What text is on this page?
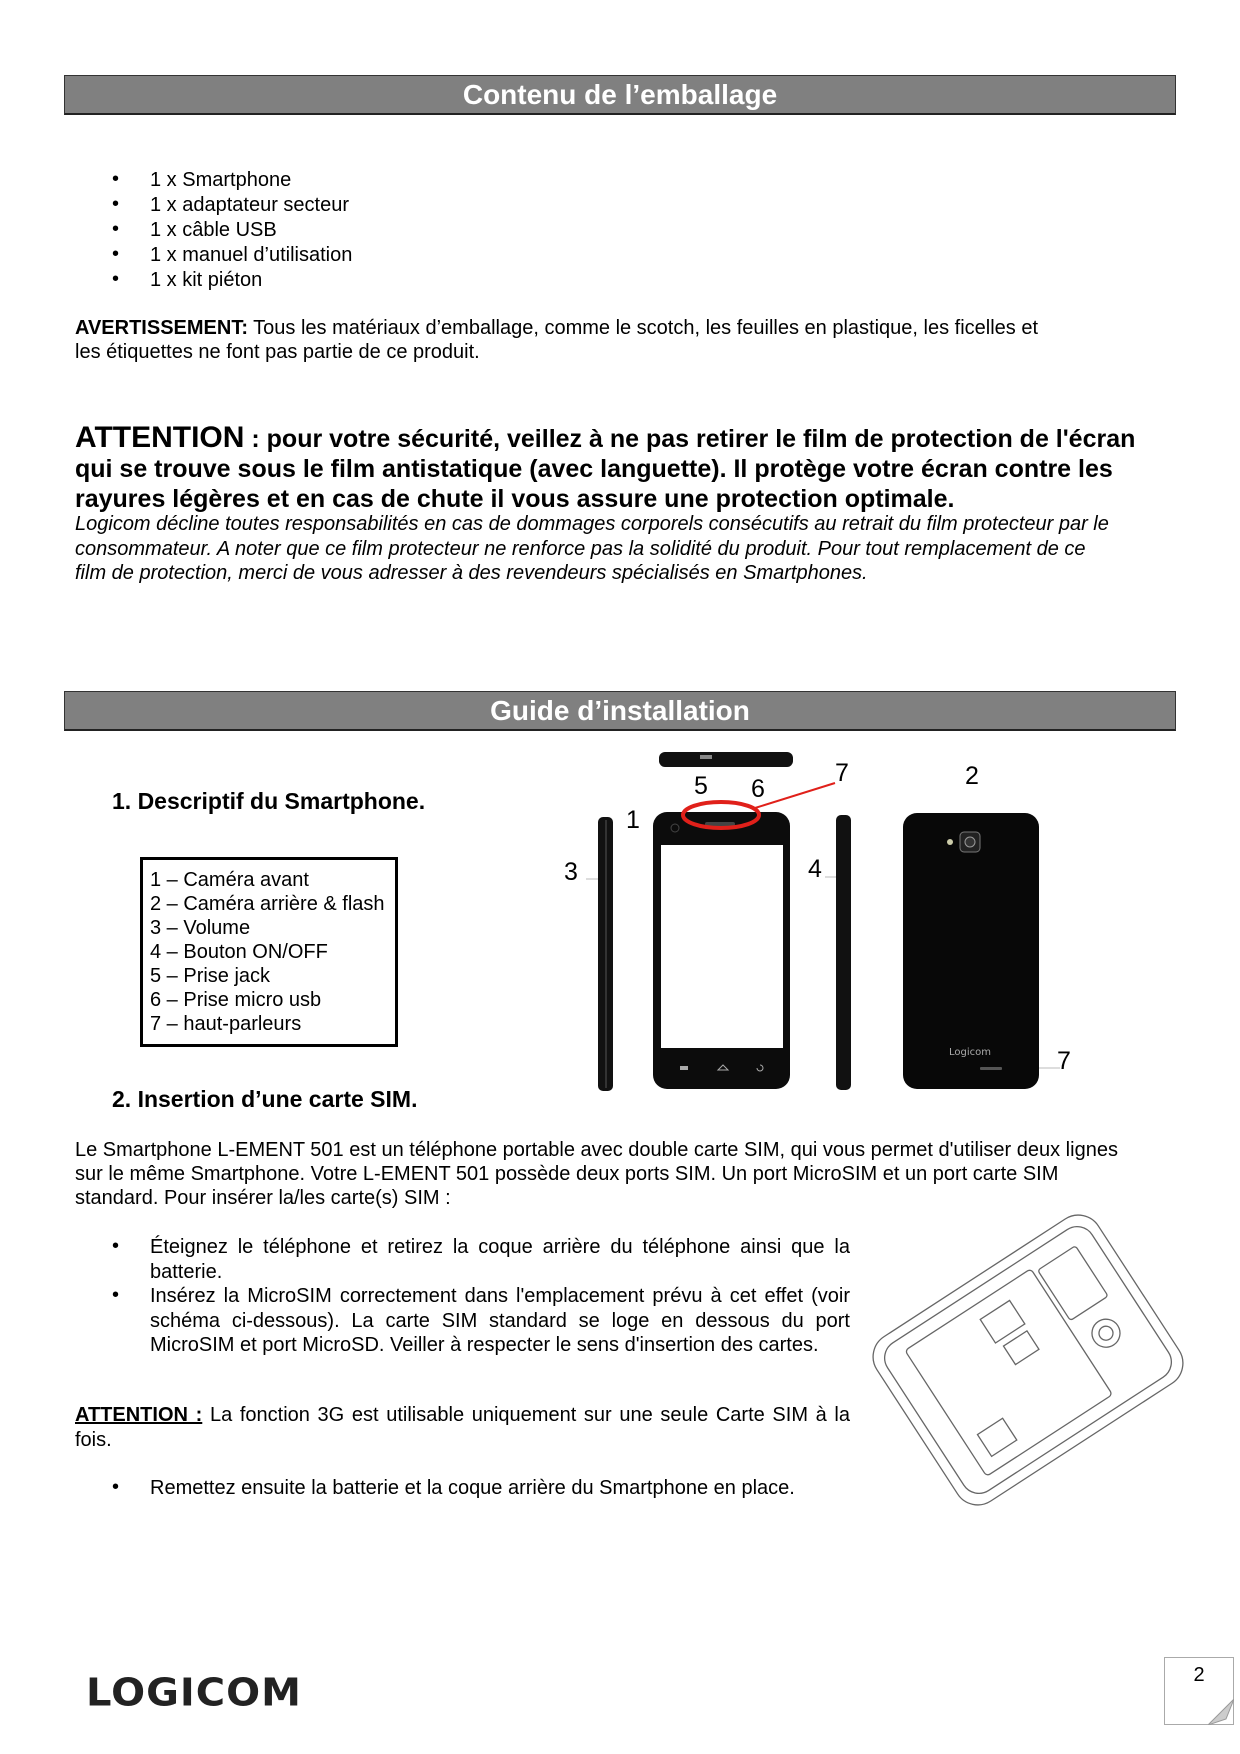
Contenu de l’emballage
• 1 x Smartphone
• 1 x adaptateur secteur
• 1 x câble USB
• 1 x manuel d’utilisation
• 1 x kit piéton
AVERTISSEMENT: Tous les matériaux d’emballage, comme le scotch, les feuilles en plastique, les ficelles et
les étiquettes ne font pas partie de ce produit.
ATTENTION : pour votre sécurité, veillez à ne pas retirer le film de protection de l'écran
qui se trouve sous le film antistatique (avec languette). Il protège votre écran contre les
rayures légères et en cas de chute il vous assure une protection optimale.
Logicom décline toutes responsabilités en cas de dommages corporels consécutifs au retrait du film protecteur par le
consommateur. A noter que ce film protecteur ne renforce pas la solidité du produit. Pour tout remplacement de ce
film de protection, merci de vous adresser à des revendeurs spécialisés en Smartphones.
Guide d’installation
1. Descriptif du Smartphone.
1 – Caméra avant
2 – Caméra arrière & flash
3 – Volume
4 – Bouton ON/OFF
5 – Prise jack
6 – Prise micro usb
7 – haut-parleurs
Logicom
5 6
7	2
1
3	4
7
2. Insertion d’une carte SIM.
Le Smartphone L-EMENT 501 est un téléphone portable avec double carte SIM, qui vous permet d'utiliser deux lignes
sur le même Smartphone. Votre L-EMENT 501 possède deux ports SIM. Un port MicroSIM et un port carte SIM
standard. Pour insérer la/les carte(s) SIM :
• Éteignez le téléphone et retirez la coque arrière du téléphone ainsi que la batterie.
• Insérez la MicroSIM correctement dans l'emplacement prévu à cet effet (voir schéma ci-dessous). La carte SIM standard se loge en dessous du port MicroSIM et port MicroSD. Veiller à respecter le sens d'insertion des cartes.
ATTENTION : La fonction 3G est utilisable uniquement sur une seule Carte SIM à la fois.
• Remettez ensuite la batterie et la coque arrière du Smartphone en place.
LOGICOM	2
